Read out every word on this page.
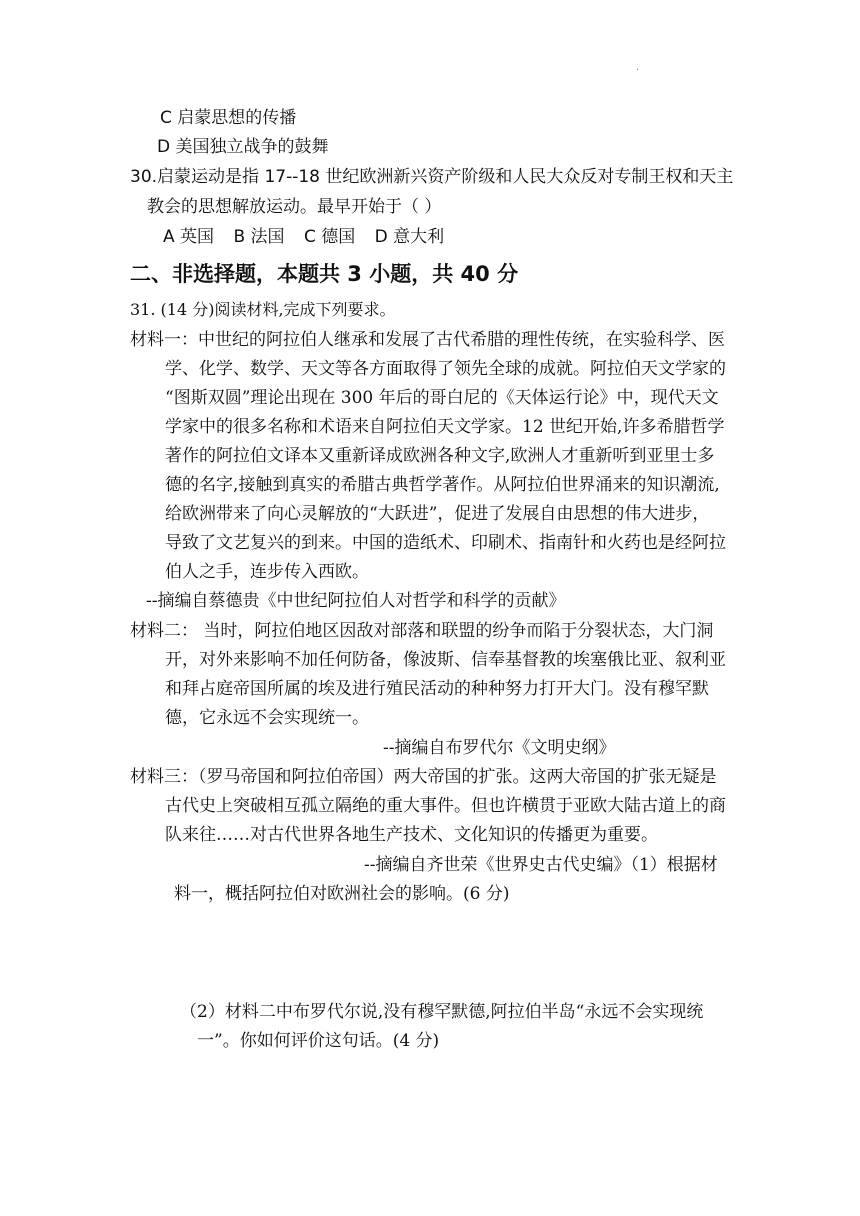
.
C 启蒙思想的传播
D 美国独立战争的鼓舞
30.启蒙运动是指 17--18 世纪欧洲新兴资产阶级和人民大众反对专制王权和天主
教会的思想解放运动。最早开始于（ ）
A 英国 B 法国 C 德国 D 意大利
二、非选择题，本题共 3 小题，共 40 分
31. (14 分)阅读材料,完成下列要求。
材料一：中世纪的阿拉伯人继承和发展了古代希腊的理性传统，在实验科学、医
学、化学、数学、天文等各方面取得了领先全球的成就。阿拉伯天文学家的
“图斯双圆”理论出现在 300 年后的哥白尼的《天体运行论》中，现代天文
学家中的很多名称和术语来自阿拉伯天文学家。12 世纪开始,许多希腊哲学
著作的阿拉伯文译本又重新译成欧洲各种文字,欧洲人才重新听到亚里士多
德的名字,接触到真实的希腊古典哲学著作。从阿拉伯世界涌来的知识潮流,
给欧洲带来了向心灵解放的“大跃进”，促进了发展自由思想的伟大进步，
导致了文艺复兴的到来。中国的造纸术、印刷术、指南针和火药也是经阿拉
伯人之手，连步传入西欧。
--摘编自蔡德贵《中世纪阿拉伯人对哲学和科学的贡献》
材料二： 当时，阿拉伯地区因敌对部落和联盟的纷争而陷于分裂状态，大门洞
开，对外来影响不加任何防备，像波斯、信奉基督教的埃塞俄比亚、叙利亚
和拜占庭帝国所属的埃及进行殖民活动的种种努力打开大门。没有穆罕默
德，它永远不会实现统一。
--摘编自布罗代尔《文明史纲》
材料三：（罗马帝国和阿拉伯帝国）两大帝国的扩张。这两大帝国的扩张无疑是
古代史上突破相互孤立隔绝的重大事件。但也许横贯于亚欧大陆古道上的商
队来往……对古代世界各地生产技术、文化知识的传播更为重要。
--摘编自齐世荣《世界史古代史编》（1）根据材
料一，概括阿拉伯对欧洲社会的影响。(6 分)
（2）材料二中布罗代尔说,没有穆罕默德,阿拉伯半岛“永远不会实现统
一”。你如何评价这句话。(4 分)
